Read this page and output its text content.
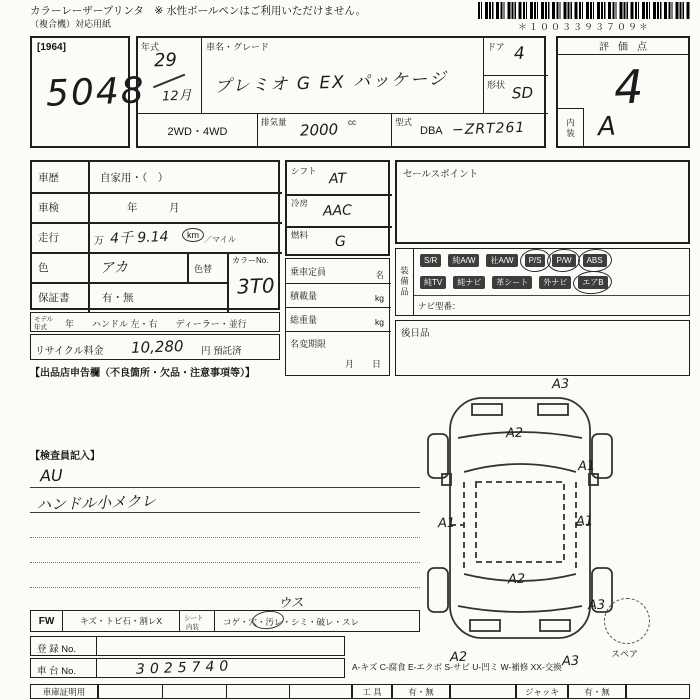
カラーレーザープリンタ　※ 水性ボールペンはご利用いただけません。
（複合機）対応用紙	＊１００３３９３７０９＊
[1964]
5048
年式
29
12月
車名・グレード
プレミオ G EX パッケージ
ドア 4
形状 SD
2WD・4WD
排気量 2000 cc	型式
DBA −ZRT261
評価点
4
内装 A
車歴	自家用・（　）
車検	年　　　月
走行	万 4千 9.14	km ／マイル
色	アカ	色替
カラーNo.
3T0
保証書	有・無
モデル
年式 年　　ハンドル 左・右　　ディーラー・並行
リサイクル料金 10,280 円 預託済
【出品店申告欄（不良箇所・欠品・注意事項等）】
シフト AT
冷房 AAC
燃料 G
乗車定員	名
積載量	kg
総重量	kg
名変期限
月　　日
セールスポイント
装備品
S/R	純A/W	社A/W	P/S	P/W	ABS
純TV	純ナビ	革シート	外ナビ	エアB
ナビ型番：
後日品
【検査員記入】
AU
ハンドル小メクレ
ウス
FW	キズ・トビ石・割レX	シート
内装
コゲ・穴・汚レ・シミ・破レ・スレ
登 録 No.
車 台 No.	3025740	A-キズ C-腐食 E-エクボ S-サビ U-凹ミ W-補修 XX-交換
A3
A2
A1
A1	A1
A2
A3
A2	A3	スペア
車庫証明用	工 具	有・無	ジャッキ	有・無
